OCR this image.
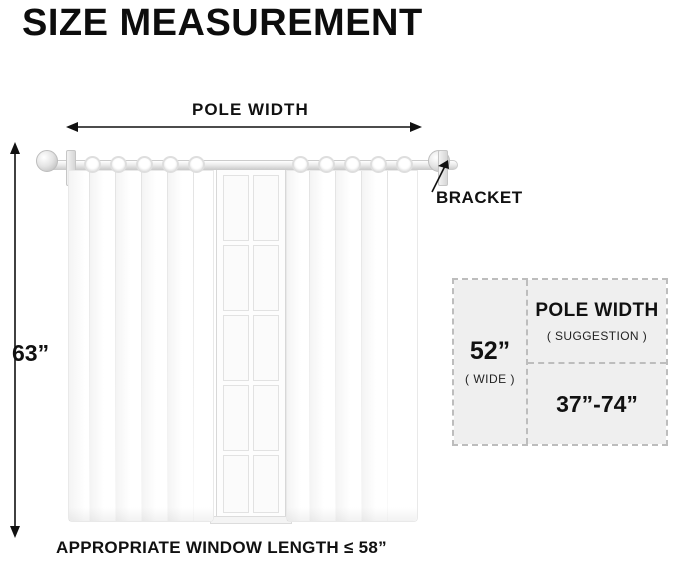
SIZE MEASUREMENT
POLE WIDTH
63”
BRACKET
APPROPRIATE WINDOW LENGTH ≤ 58”
52”
( WIDE )
POLE WIDTH
( SUGGESTION )
37”-74”
